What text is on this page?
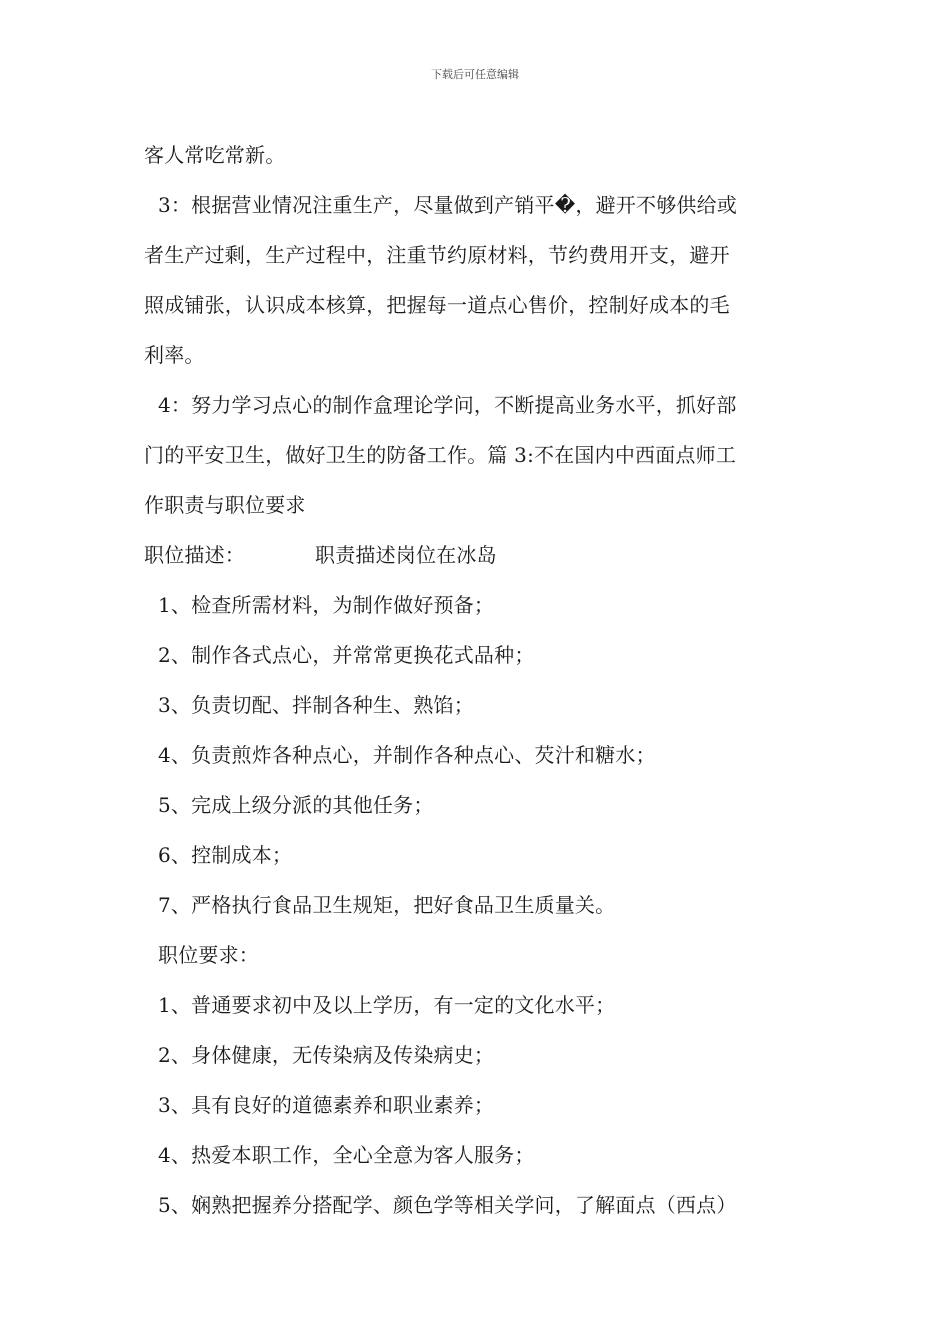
下载后可任意编辑
客人常吃常新。
3：根据营业情况注重生产，尽量做到产销平�，避开不够供给或
者生产过剩，生产过程中，注重节约原材料，节约费用开支，避开
照成铺张，认识成本核算，把握每一道点心售价，控制好成本的毛
利率。
4：努力学习点心的制作盒理论学问，不断提高业务水平，抓好部
门的平安卫生，做好卫生的防备工作。篇 3:不在国内中西面点师工
作职责与职位要求
职位描述：	职责描述岗位在冰岛
1、检查所需材料，为制作做好预备；
2、制作各式点心，并常常更换花式品种；
3、负责切配、拌制各种生、熟馅；
4、负责煎炸各种点心，并制作各种点心、芡汁和糖水；
5、完成上级分派的其他任务；
6、控制成本；
7、严格执行食品卫生规矩，把好食品卫生质量关。
职位要求：
1、普通要求初中及以上学历，有一定的文化水平；
2、身体健康，无传染病及传染病史；
3、具有良好的道德素养和职业素养；
4、热爱本职工作，全心全意为客人服务；
5、娴熟把握养分搭配学、颜色学等相关学问，了解面点（西点）
